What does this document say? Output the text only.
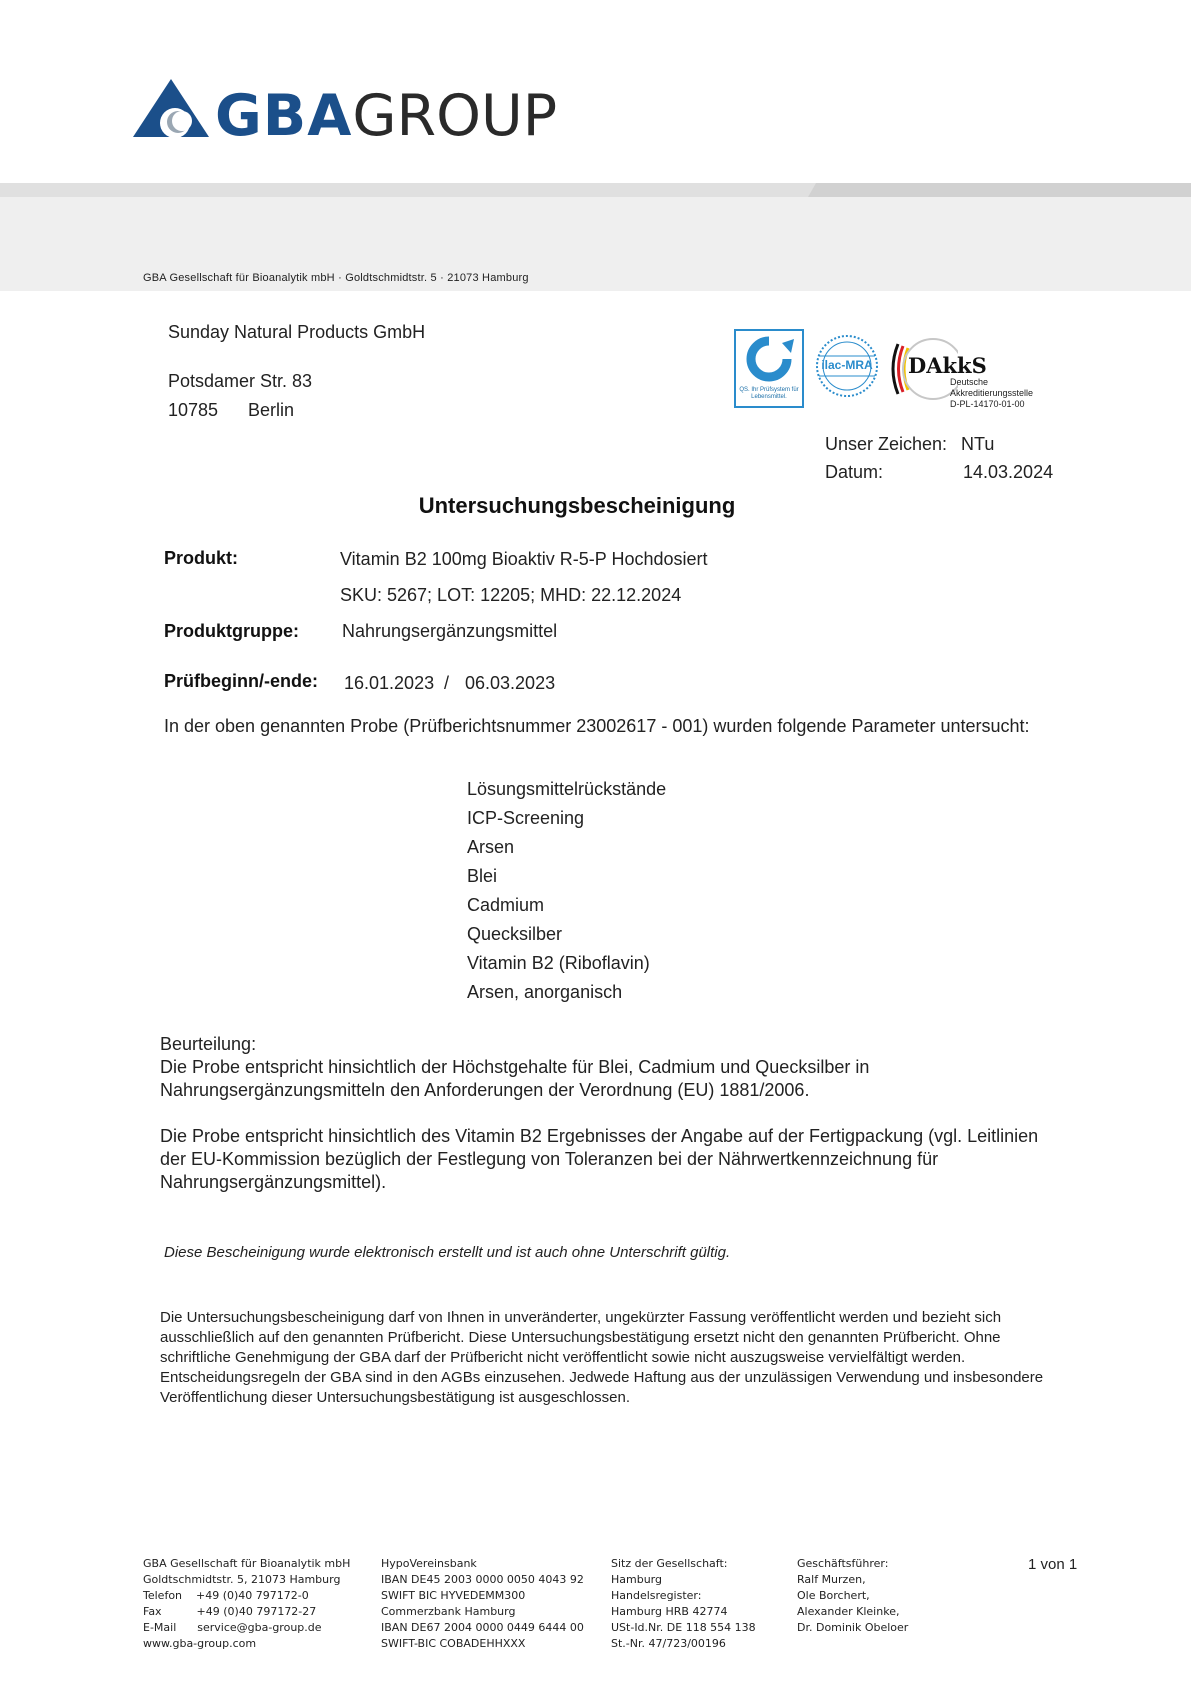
GBAGROUP
GBA Gesellschaft für Bioanalytik mbH · Goldtschmidtstr. 5 · 21073 Hamburg
Sunday Natural Products GmbH
Potsdamer Str. 83
10785 Berlin
QS. Ihr Prüfsystem für Lebensmittel.
ilac-MRA	DAkkS
Deutsche
Akkreditierungsstelle
D-PL-14170-01-00
Unser Zeichen: NTu
Datum:	14.03.2024
Untersuchungsbescheinigung
Produkt:	Vitamin B2 100mg Bioaktiv R-5-P Hochdosiert
SKU: 5267; LOT: 12205; MHD: 22.12.2024
Produktgruppe: Nahrungsergänzungsmittel
Prüfbeginn/-ende: 16.01.2023 / 06.03.2023
In der oben genannten Probe (Prüfberichtsnummer 23002617 - 001) wurden folgende Parameter untersucht:
Lösungsmittelrückstände
ICP-Screening
Arsen
Blei
Cadmium
Quecksilber
Vitamin B2 (Riboflavin)
Arsen, anorganisch
Beurteilung:
Die Probe entspricht hinsichtlich der Höchstgehalte für Blei, Cadmium und Quecksilber in
Nahrungsergänzungsmitteln den Anforderungen der Verordnung (EU) 1881/2006.
Die Probe entspricht hinsichtlich des Vitamin B2 Ergebnisses der Angabe auf der Fertigpackung (vgl. Leitlinien
der EU-Kommission bezüglich der Festlegung von Toleranzen bei der Nährwertkennzeichnung für
Nahrungsergänzungsmittel).
Diese Bescheinigung wurde elektronisch erstellt und ist auch ohne Unterschrift gültig.
Die Untersuchungsbescheinigung darf von Ihnen in unveränderter, ungekürzter Fassung veröffentlicht werden und bezieht sich
ausschließlich auf den genannten Prüfbericht. Diese Untersuchungsbestätigung ersetzt nicht den genannten Prüfbericht. Ohne
schriftliche Genehmigung der GBA darf der Prüfbericht nicht veröffentlicht sowie nicht auszugsweise vervielfältigt werden.
Entscheidungsregeln der GBA sind in den AGBs einzusehen. Jedwede Haftung aus der unzulässigen Verwendung und insbesondere
Veröffentlichung dieser Untersuchungsbestätigung ist ausgeschlossen.
GBA Gesellschaft für Bioanalytik mbH
Goldtschmidtstr. 5, 21073 Hamburg
Telefon    +49 (0)40 797172-0
Fax          +49 (0)40 797172-27
E-Mail      service@gba-group.de
www.gba-group.com
HypoVereinsbank
IBAN DE45 2003 0000 0050 4043 92
SWIFT BIC HYVEDEMM300
Commerzbank Hamburg
IBAN DE67 2004 0000 0449 6444 00
SWIFT-BIC COBADEHHXXX
Sitz der Gesellschaft:
Hamburg
Handelsregister:
Hamburg HRB 42774
USt-Id.Nr. DE 118 554 138
St.-Nr. 47/723/00196
Geschäftsführer:
Ralf Murzen,
Ole Borchert,
Alexander Kleinke,
Dr. Dominik Obeloer
1 von 1
